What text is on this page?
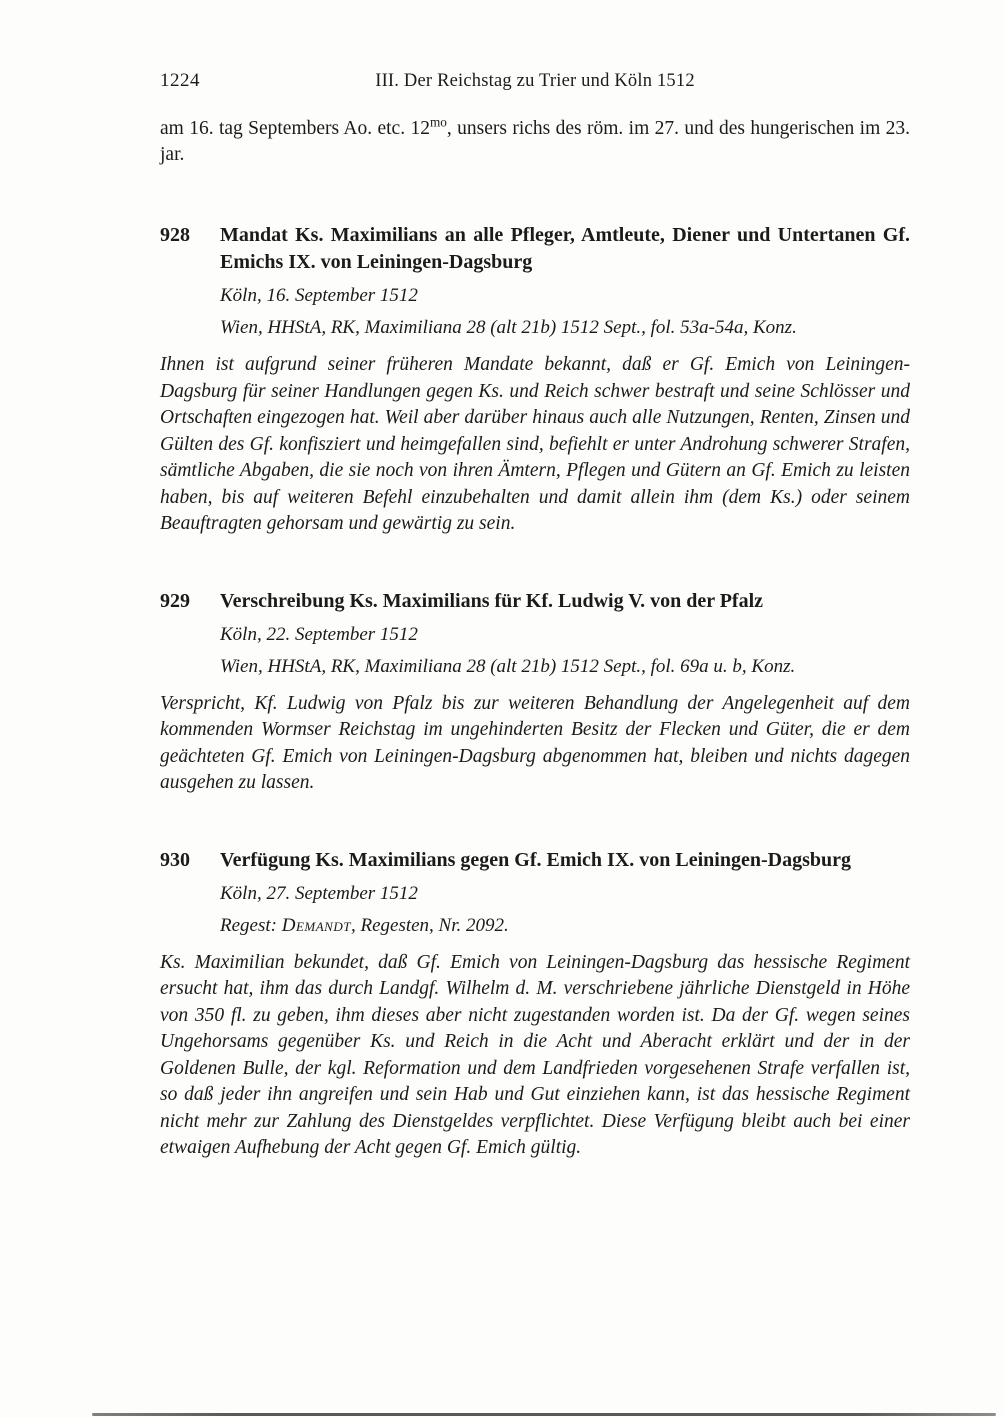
1224	III. Der Reichstag zu Trier und Köln 1512

am 16. tag Septembers Ao. etc. $12^{mo}$, unsers richs des röm. im 27. und des hungerischen im 23. jar.

928	Mandat Ks. Maximilians an alle Pfleger, Amtleute, Diener und Untertanen Gf. Emichs IX. von Leiningen-Dagsburg

Köln, 16. September 1512

Wien, HHStA, RK, Maximiliana 28 (alt 21b) 1512 Sept., fol. 53a-54a, Konz.

Ihnen ist aufgrund seiner früheren Mandate bekannt, daß er Gf. Emich von Leiningen-Dagsburg für seiner Handlungen gegen Ks. und Reich schwer bestraft und seine Schlösser und Ortschaften eingezogen hat. Weil aber darüber hinaus auch alle Nutzungen, Renten, Zinsen und Gülten des Gf. konfisziert und heimgefallen sind, befiehlt er unter Androhung schwerer Strafen, sämtliche Abgaben, die sie noch von ihren Ämtern, Pflegen und Gütern an Gf. Emich zu leisten haben, bis auf weiteren Befehl einzubehalten und damit allein ihm (dem Ks.) oder seinem Beauftragten gehorsam und gewärtig zu sein.

929	Verschreibung Ks. Maximilians für Kf. Ludwig V. von der Pfalz

Köln, 22. September 1512

Wien, HHStA, RK, Maximiliana 28 (alt 21b) 1512 Sept., fol. 69a u. b, Konz.

Verspricht, Kf. Ludwig von Pfalz bis zur weiteren Behandlung der Angelegenheit auf dem kommenden Wormser Reichstag im ungehinderten Besitz der Flecken und Güter, die er dem geächteten Gf. Emich von Leiningen-Dagsburg abgenommen hat, bleiben und nichts dagegen ausgehen zu lassen.

930	Verfügung Ks. Maximilians gegen Gf. Emich IX. von Leiningen-Dagsburg

Köln, 27. September 1512

Regest: Demandt, Regesten, Nr. 2092.

Ks. Maximilian bekundet, daß Gf. Emich von Leiningen-Dagsburg das hessische Regiment ersucht hat, ihm das durch Landgf. Wilhelm d. M. verschriebene jährliche Dienstgeld in Höhe von 350 fl. zu geben, ihm dieses aber nicht zugestanden worden ist. Da der Gf. wegen seines Ungehorsams gegenüber Ks. und Reich in die Acht und Aberacht erklärt und der in der Goldenen Bulle, der kgl. Reformation und dem Landfrieden vorgesehenen Strafe verfallen ist, so daß jeder ihn angreifen und sein Hab und Gut einziehen kann, ist das hessische Regiment nicht mehr zur Zahlung des Dienstgeldes verpflichtet. Diese Verfügung bleibt auch bei einer etwaigen Aufhebung der Acht gegen Gf. Emich gültig.
